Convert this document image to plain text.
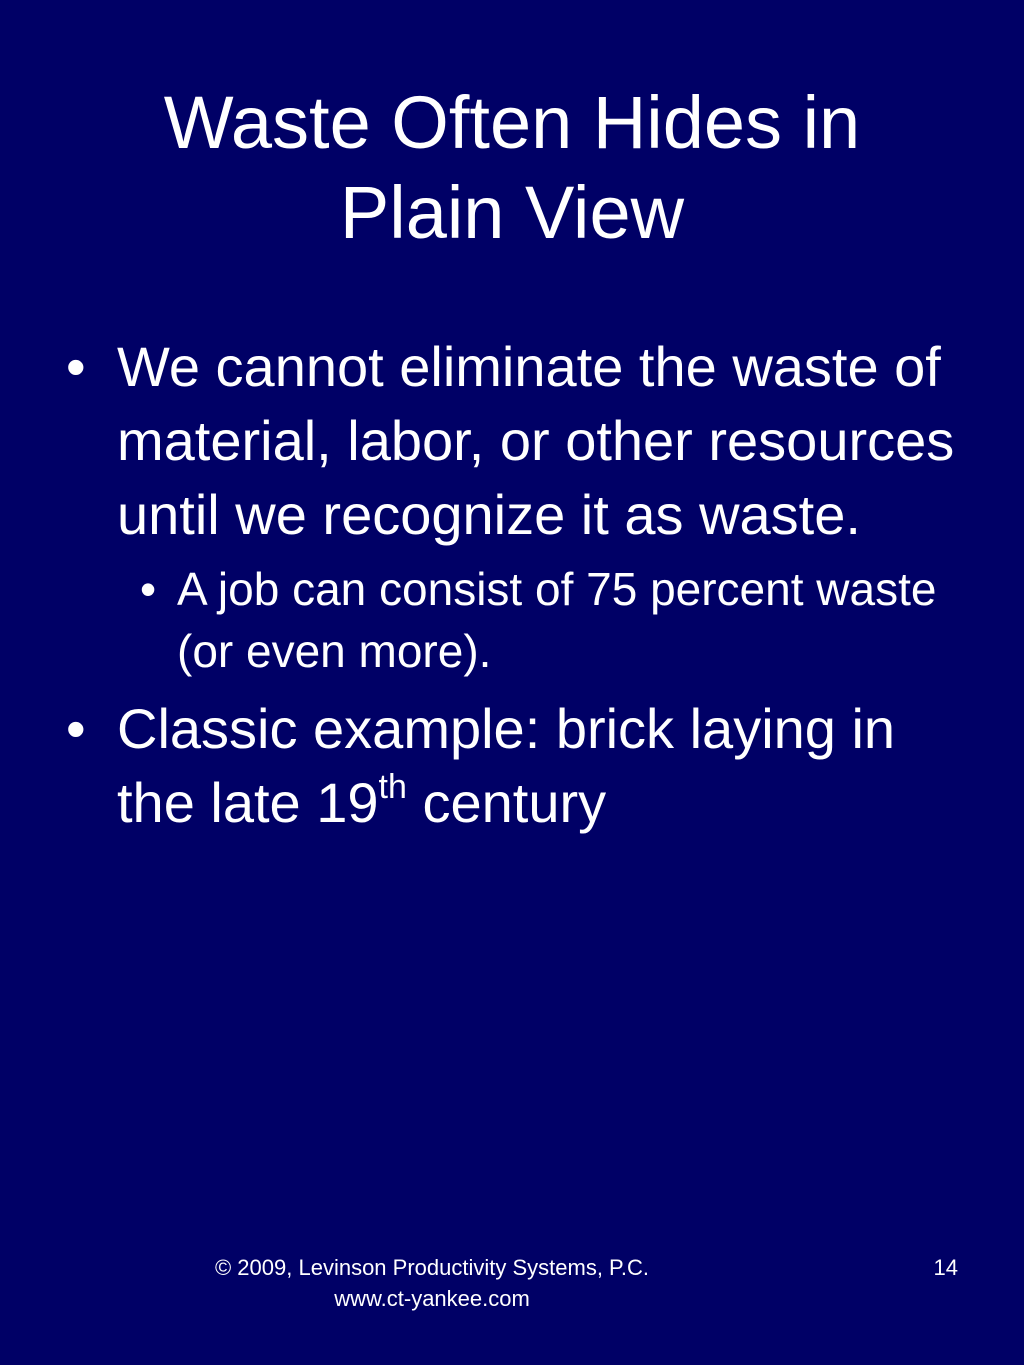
Waste Often Hides in
Plain View
• We cannot eliminate the waste of material, labor, or other resources until we recognize it as waste.
• A job can consist of 75 percent waste (or even more).
• Classic example: brick laying in the late 19th century
© 2009, Levinson Productivity Systems, P.C.
www.ct-yankee.com
14
